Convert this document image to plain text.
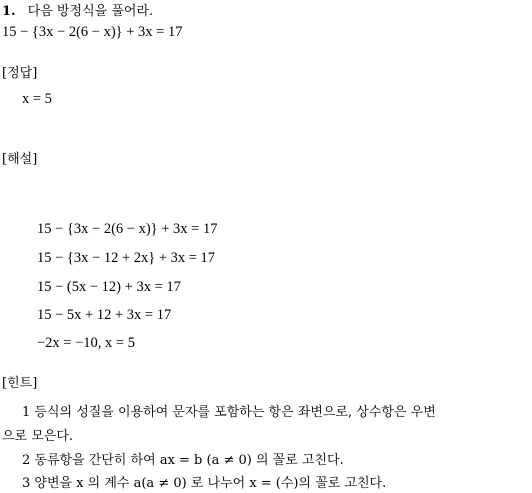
1. 다음 방정식을 풀어라.
15 − {3x − 2(6 − x)} + 3x = 17
[정답]
x = 5
[해설]
15 − {3x − 2(6 − x)} + 3x = 17
15 − {3x − 12 + 2x} + 3x = 17
15 − (5x − 12) + 3x = 17
15 − 5x + 12 + 3x = 17
−2x = −10, x = 5
[힌트]
1 등식의 성질을 이용하여 문자를 포함하는 항은 좌변으로, 상수항은 우변
으로 모은다.
2 동류항을 간단히 하여 ax = b (a ≠ 0) 의 꼴로 고친다.
3 양변을 x 의 계수 a(a ≠ 0) 로 나누어 x = (수)의 꼴로 고친다.
